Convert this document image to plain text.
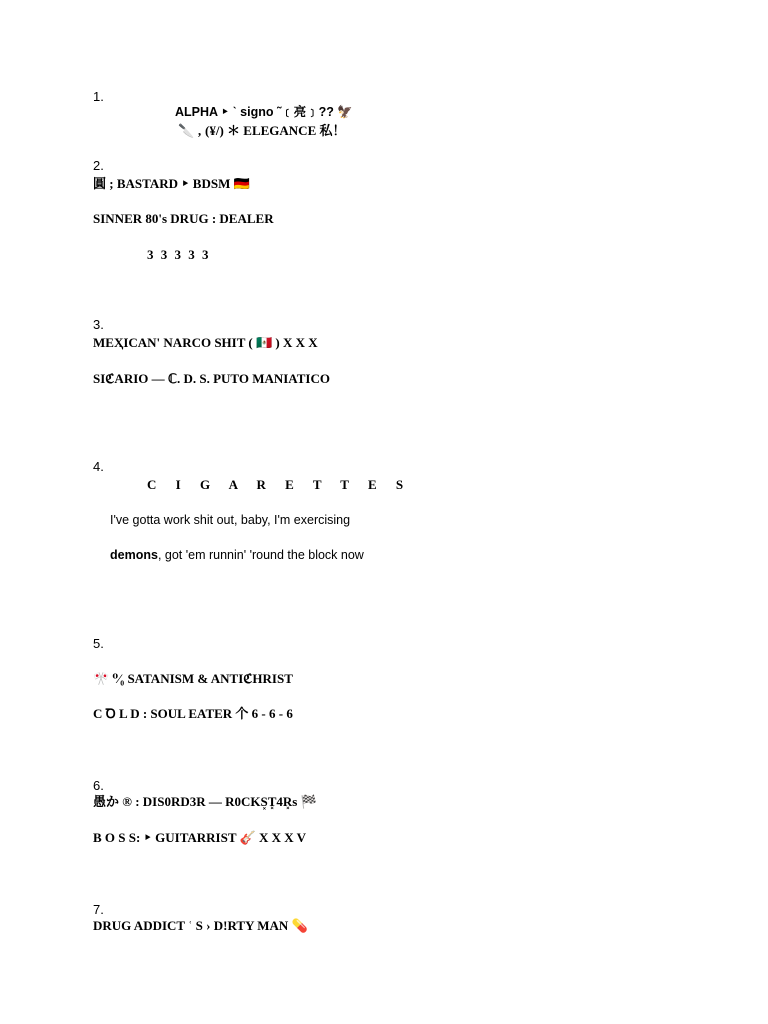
1.
ALPHA ‣ ˋ signo ˜﹝亮﹞?? 🦅
🔪 ‚ (¥/) ＊ ELEGANCE 私！
2.
圓 ; BASTARD ‣ BDSM 🇩🇪
SINNER 80's DRUG : DEALER
3 3 3 3 3
3.
MEҲICAN' NARCO SHIT ( 🇲🇽 ) X X X
SIℭARIO — ℂ. D. S. PUTO MANIATICO
4.
C I G A R E T T E S
I've gotta work shit out, baby, I'm exercising
demons, got 'em runnin' 'round the block now
5.
🎌 ⁰⁄₀ SATANISM & ANTIℭHRIST
C Ꝺ L D : SOUL EATER 个 6 - 6 - 6
6.
愚か ® : DIS0RD3R — R0CKS͓T͓4R͓s 🏁
B O S S: ‣ GUITARRIST 🎸 X X X V
7.
DRUG ADDICT ʿ S › D!RTY MAN 💊
